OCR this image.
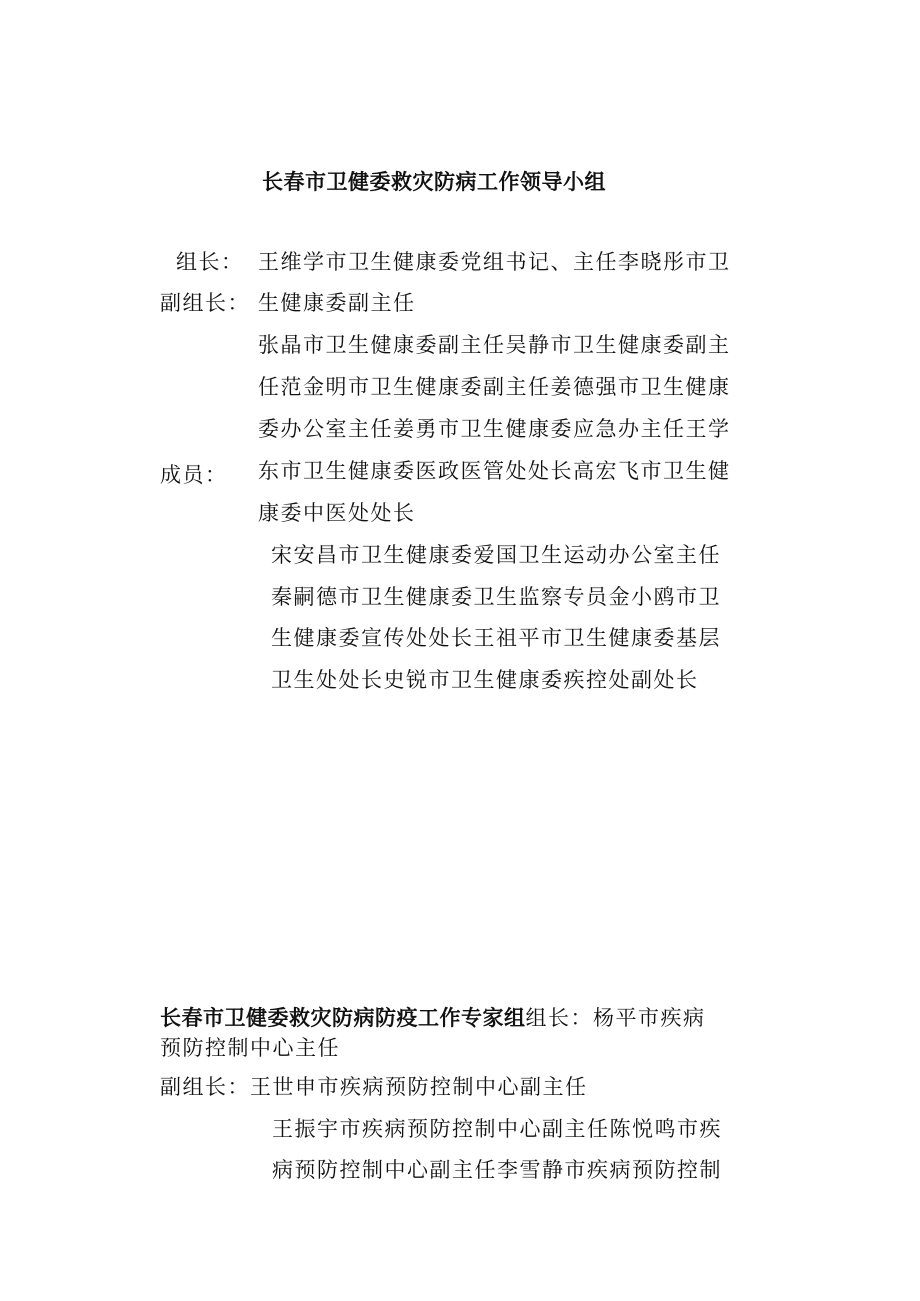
长春市卫健委救灾防病工作领导小组
组长：
副组长：
成员：
王维学市卫生健康委党组书记、主任李晓彤市卫
生健康委副主任
张晶市卫生健康委副主任吴静市卫生健康委副主
任范金明市卫生健康委副主任姜德强市卫生健康
委办公室主任姜勇市卫生健康委应急办主任王学
东市卫生健康委医政医管处处长高宏飞市卫生健
康委中医处处长
宋安昌市卫生健康委爱国卫生运动办公室主任
秦嗣德市卫生健康委卫生监察专员金小鸥市卫
生健康委宣传处处长王祖平市卫生健康委基层
卫生处处长史锐市卫生健康委疾控处副处长
长春市卫健委救灾防病防疫工作专家组组长：杨平市疾病
预防控制中心主任
副组长：王世申市疾病预防控制中心副主任
王振宇市疾病预防控制中心副主任陈悦鸣市疾
病预防控制中心副主任李雪静市疾病预防控制
